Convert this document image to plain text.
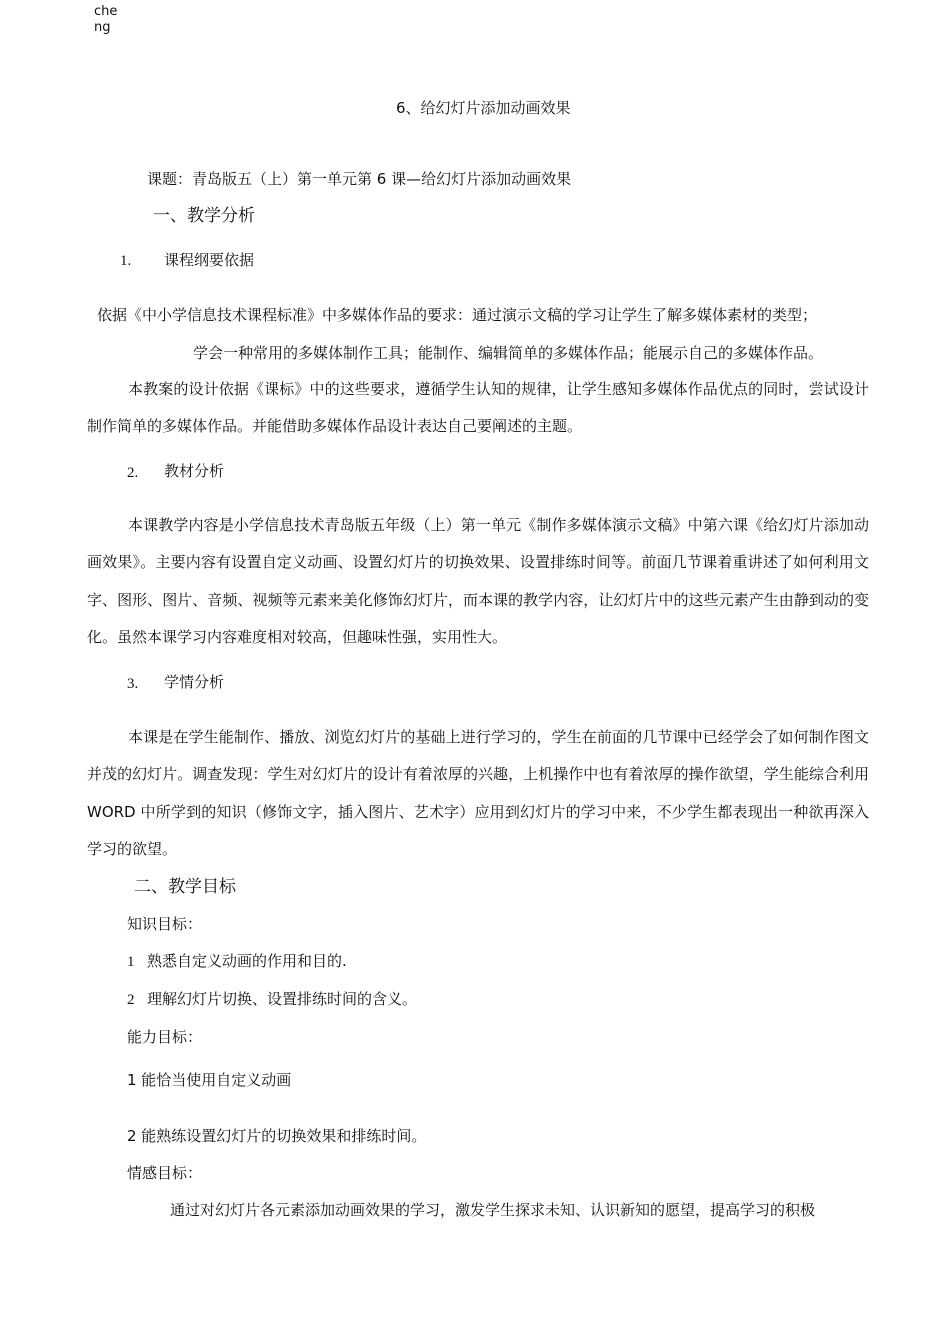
che ng
6、给幻灯片添加动画效果
课题：青岛版五（上）第一单元第 6 课—给幻灯片添加动画效果
一、教学分析
1. 课程纲要依据
依据《中小学信息技术课程标准》中多媒体作品的要求：通过演示文稿的学习让学生了解多媒体素材的类型；
学会一种常用的多媒体制作工具；能制作、编辑简单的多媒体作品；能展示自己的多媒体作品。
本教案的设计依据《课标》中的这些要求，遵循学生认知的规律，让学生感知多媒体作品优点的同时，尝试设计制作简单的多媒体作品。并能借助多媒体作品设计表达自己要阐述的主题。
2. 教材分析
本课教学内容是小学信息技术青岛版五年级（上）第一单元《制作多媒体演示文稿》中第六课《给幻灯片添加动画效果》。主要内容有设置自定义动画、设置幻灯片的切换效果、设置排练时间等。前面几节课着重讲述了如何利用文字、图形、图片、音频、视频等元素来美化修饰幻灯片，而本课的教学内容，让幻灯片中的这些元素产生由静到动的变化。虽然本课学习内容难度相对较高，但趣味性强，实用性大。
3. 学情分析
本课是在学生能制作、播放、浏览幻灯片的基础上进行学习的，学生在前面的几节课中已经学会了如何制作图文并茂的幻灯片。调查发现：学生对幻灯片的设计有着浓厚的兴趣，上机操作中也有着浓厚的操作欲望，学生能综合利用 WORD 中所学到的知识（修饰文字，插入图片、艺术字）应用到幻灯片的学习中来，不少学生都表现出一种欲再深入学习的欲望。
二、教学目标
知识目标：
1 熟悉自定义动画的作用和目的.
2 理解幻灯片切换、设置排练时间的含义。
能力目标：
1 能恰当使用自定义动画
2 能熟练设置幻灯片的切换效果和排练时间。
情感目标：
通过对幻灯片各元素添加动画效果的学习，激发学生探求未知、认识新知的愿望，提高学习的积极
